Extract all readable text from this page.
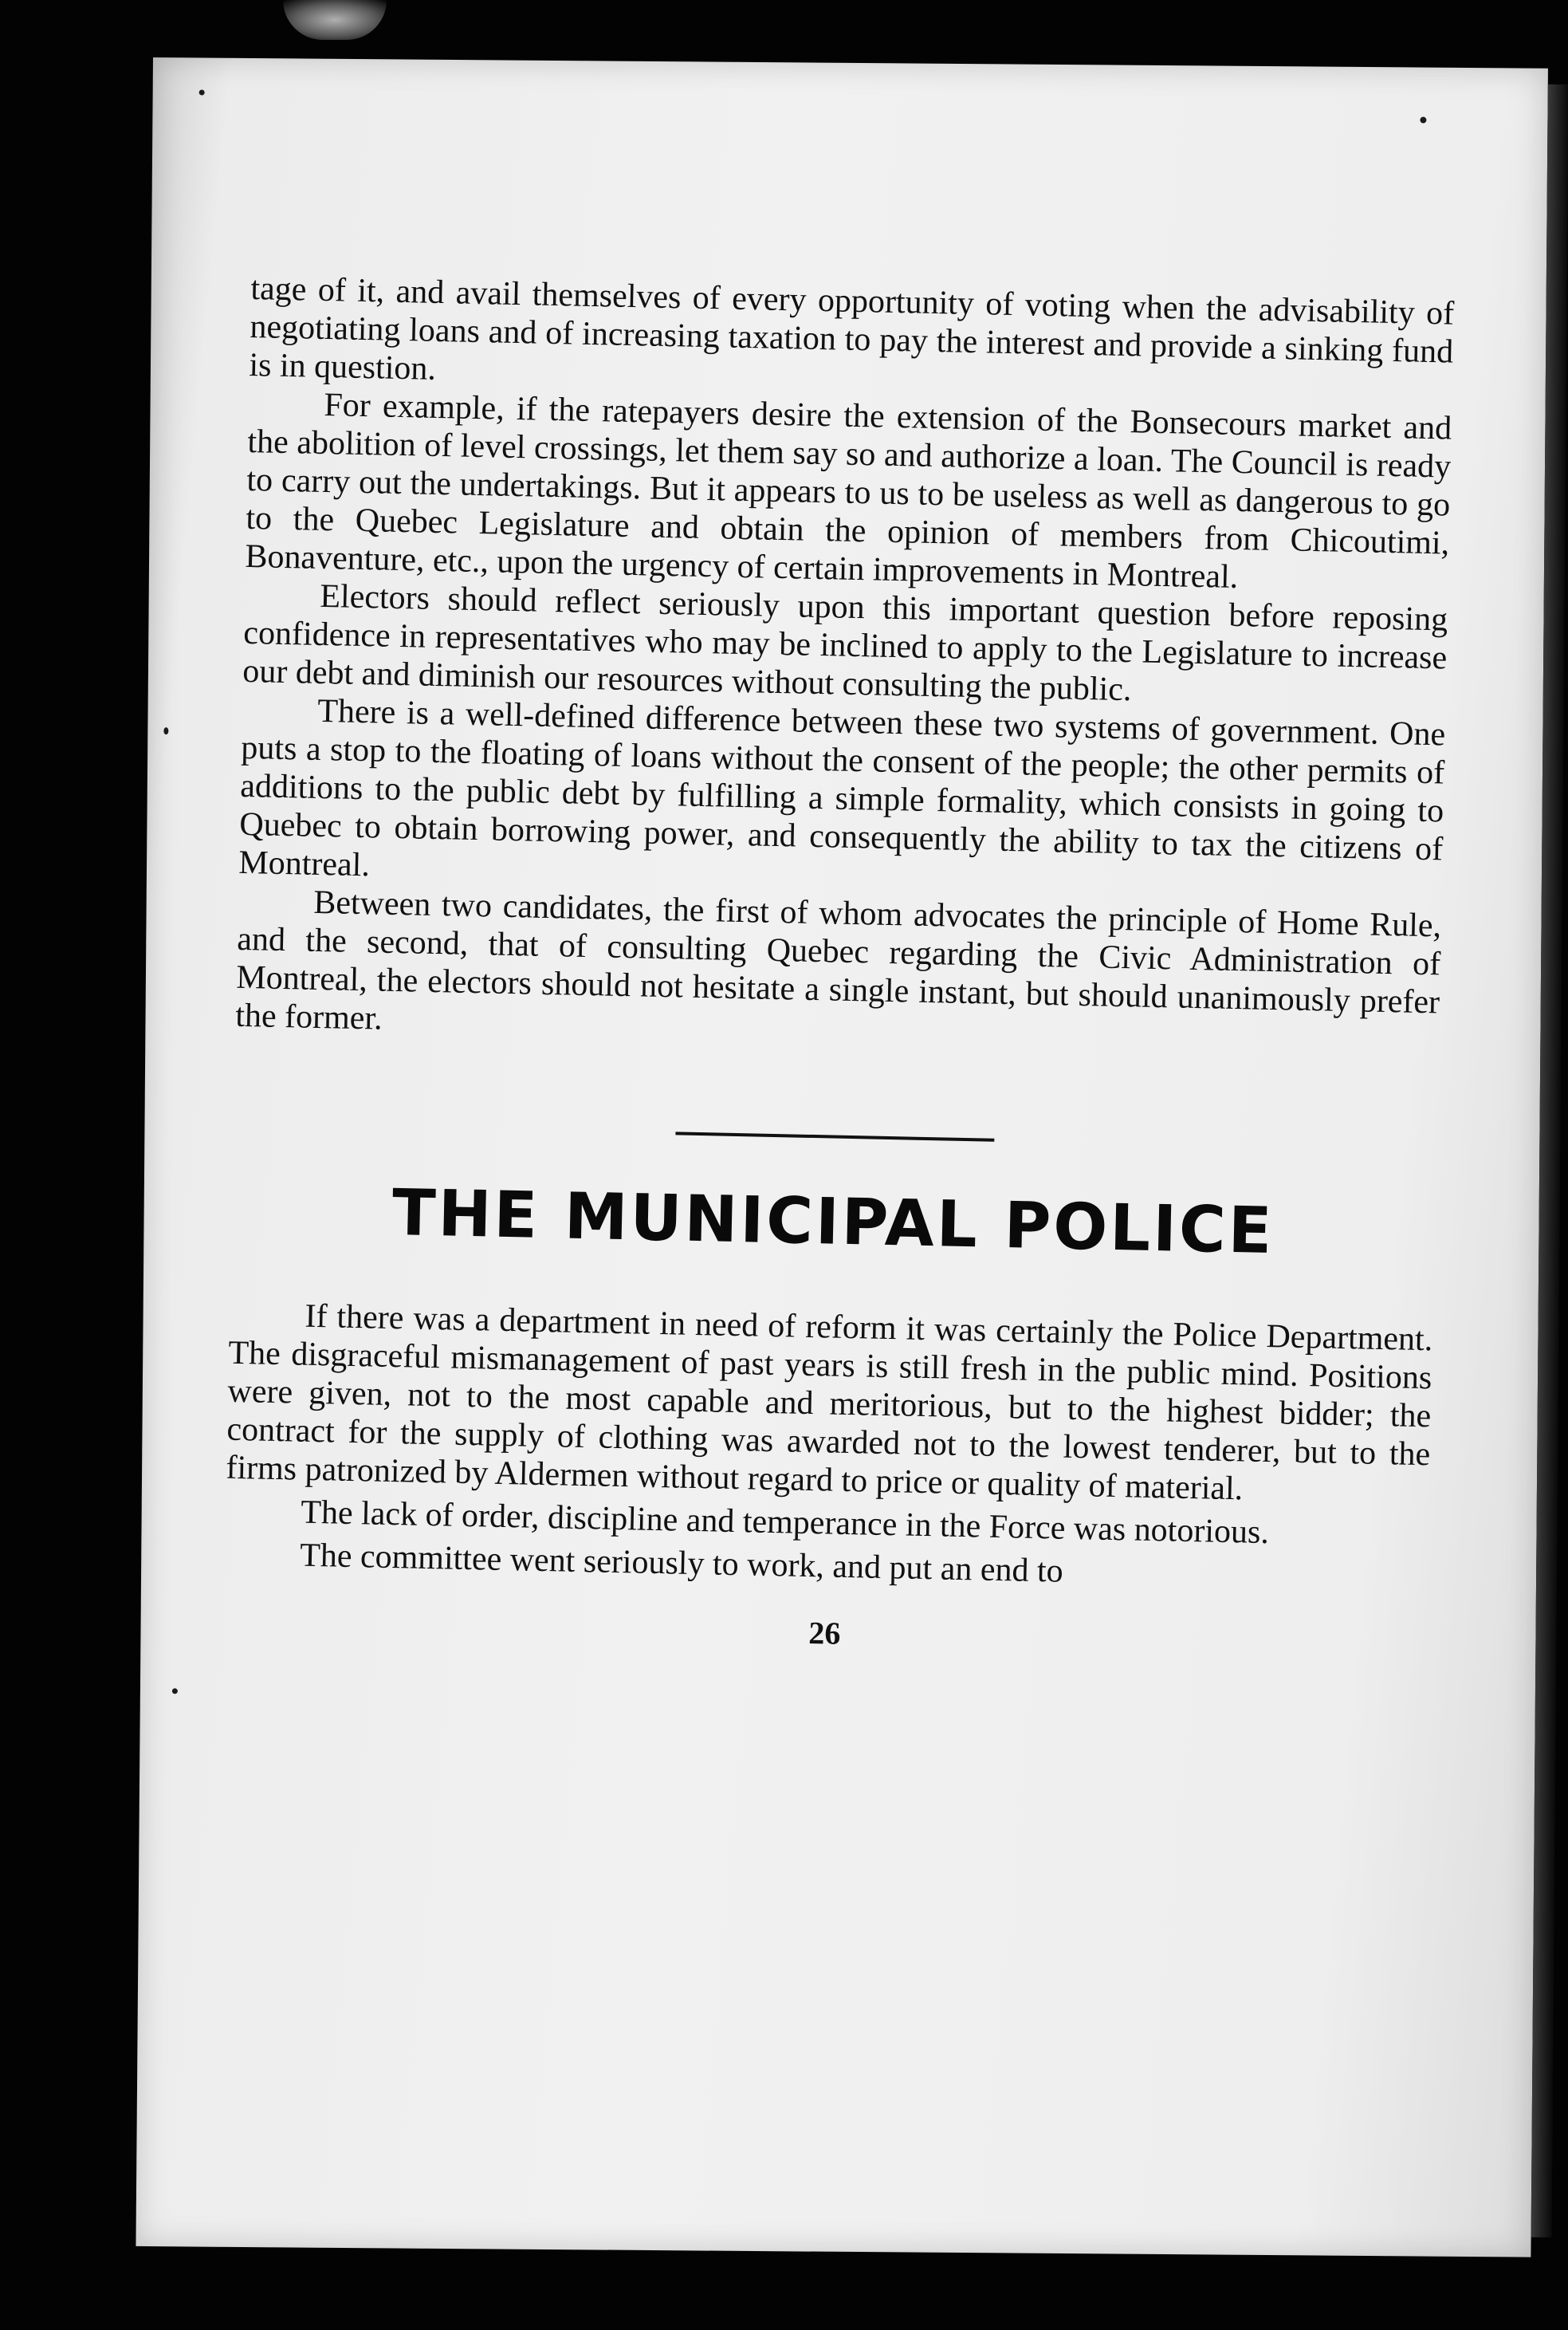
tage of it, and avail themselves of every opportunity of voting when the advisability of negotiating loans and of increasing taxation to pay the interest and provide a sinking fund is in question.

For example, if the ratepayers desire the extension of the Bonsecours market and the abolition of level crossings, let them say so and authorize a loan. The Council is ready to carry out the undertakings. But it appears to us to be useless as well as dangerous to go to the Quebec Legislature and obtain the opinion of members from Chicoutimi, Bonaventure, etc., upon the urgency of certain improvements in Montreal.

Electors should reflect seriously upon this important question before reposing confidence in representatives who may be inclined to apply to the Legislature to increase our debt and diminish our resources without consulting the public.

There is a well-defined difference between these two systems of government. One puts a stop to the floating of loans without the consent of the people; the other permits of additions to the public debt by fulfilling a simple formality, which consists in going to Quebec to obtain borrowing power, and consequently the ability to tax the citizens of Montreal.

Between two candidates, the first of whom advocates the principle of Home Rule, and the second, that of consulting Quebec regarding the Civic Administration of Montreal, the electors should not hesitate a single instant, but should unanimously prefer the former.

THE MUNICIPAL POLICE

If there was a department in need of reform it was certainly the Police Department. The disgraceful mismanagement of past years is still fresh in the public mind. Positions were given, not to the most capable and meritorious, but to the highest bidder; the contract for the supply of clothing was awarded not to the lowest tenderer, but to the firms patronized by Aldermen without regard to price or quality of material.

The lack of order, discipline and temperance in the Force was notorious.

The committee went seriously to work, and put an end to

26
